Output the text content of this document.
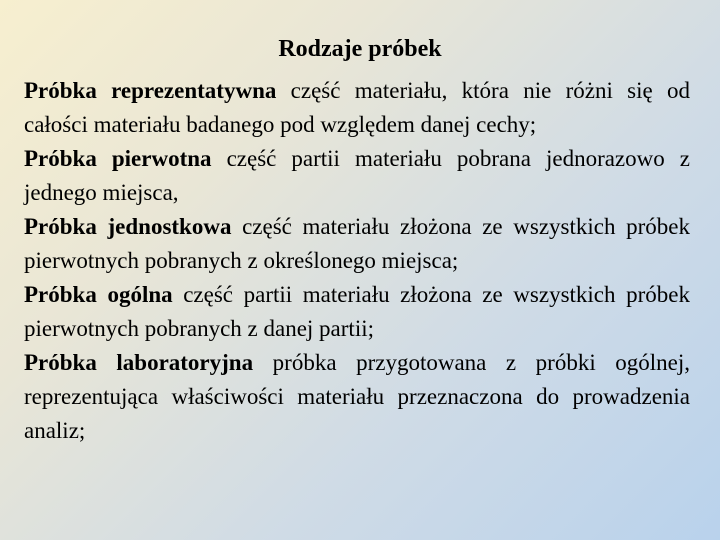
Rodzaje próbek

Próbka reprezentatywna część materiału, która nie różni się od całości materiału badanego pod względem danej cechy;

Próbka pierwotna część partii materiału pobrana jednorazowo z jednego miejsca,

Próbka jednostkowa część materiału złożona ze wszystkich próbek pierwotnych pobranych z określonego miejsca;

Próbka ogólna część partii materiału złożona ze wszystkich próbek pierwotnych pobranych z danej partii;

Próbka laboratoryjna próbka przygotowana z próbki ogólnej, reprezentująca właściwości materiału przeznaczona do prowadzenia analiz;
